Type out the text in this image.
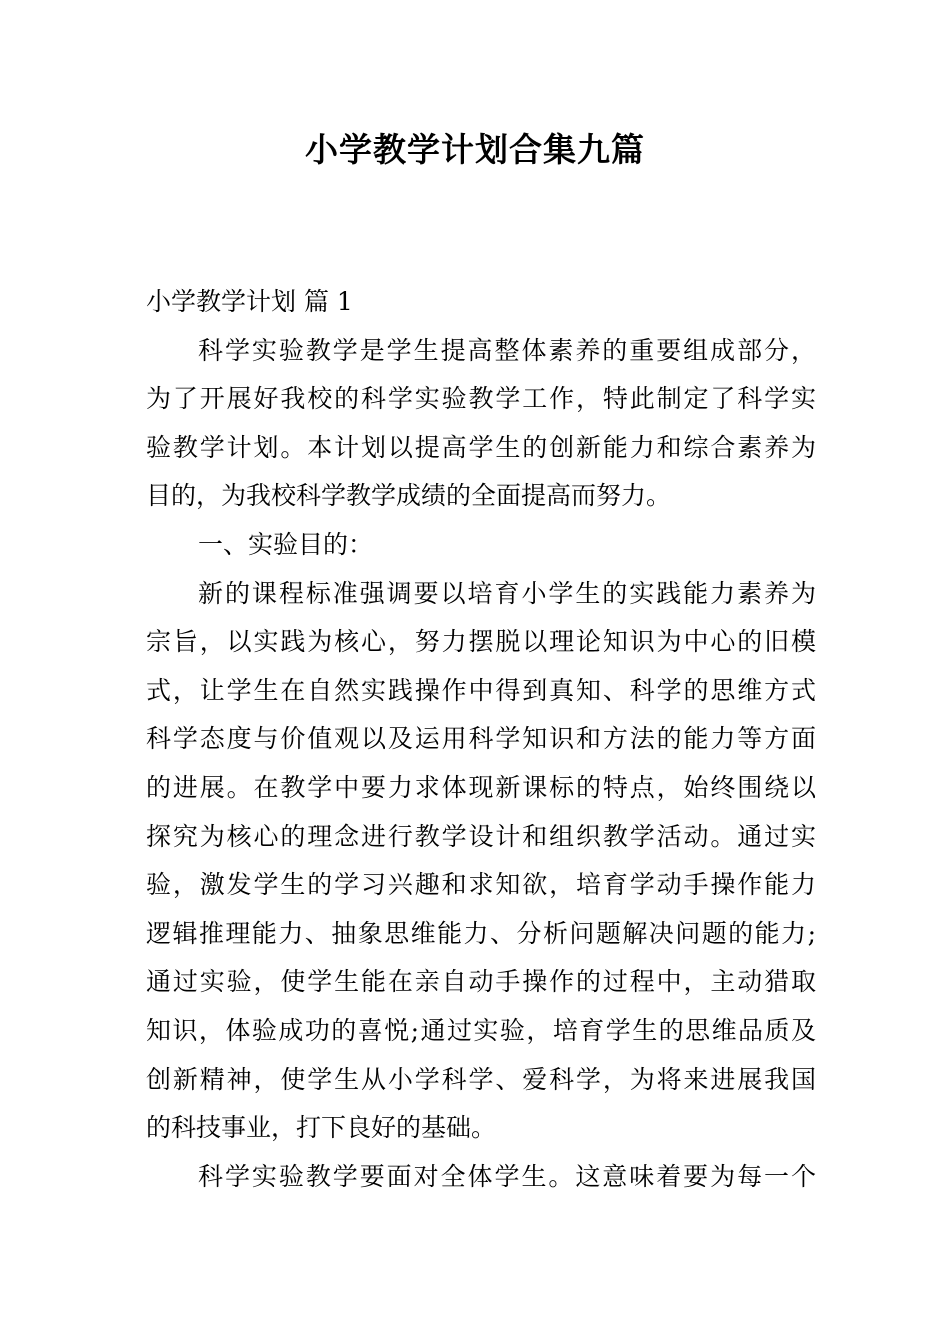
小学教学计划合集九篇
小学教学计划 篇 1
科学实验教学是学生提高整体素养的重要组成部分，
为了开展好我校的科学实验教学工作，特此制定了科学实
验教学计划。本计划以提高学生的创新能力和综合素养为
目的，为我校科学教学成绩的全面提高而努力。
一、实验目的：
新的课程标准强调要以培育小学生的实践能力素养为
宗旨，以实践为核心，努力摆脱以理论知识为中心的旧模
式，让学生在自然实践操作中得到真知、科学的思维方式
科学态度与价值观以及运用科学知识和方法的能力等方面
的进展。在教学中要力求体现新课标的特点，始终围绕以
探究为核心的理念进行教学设计和组织教学活动。通过实
验，激发学生的学习兴趣和求知欲，培育学动手操作能力
逻辑推理能力、抽象思维能力、分析问题解决问题的能力;
通过实验，使学生能在亲自动手操作的过程中，主动猎取
知识，体验成功的喜悦;通过实验，培育学生的思维品质及
创新精神，使学生从小学科学、爱科学，为将来进展我国
的科技事业，打下良好的基础。
科学实验教学要面对全体学生。这意味着要为每一个
